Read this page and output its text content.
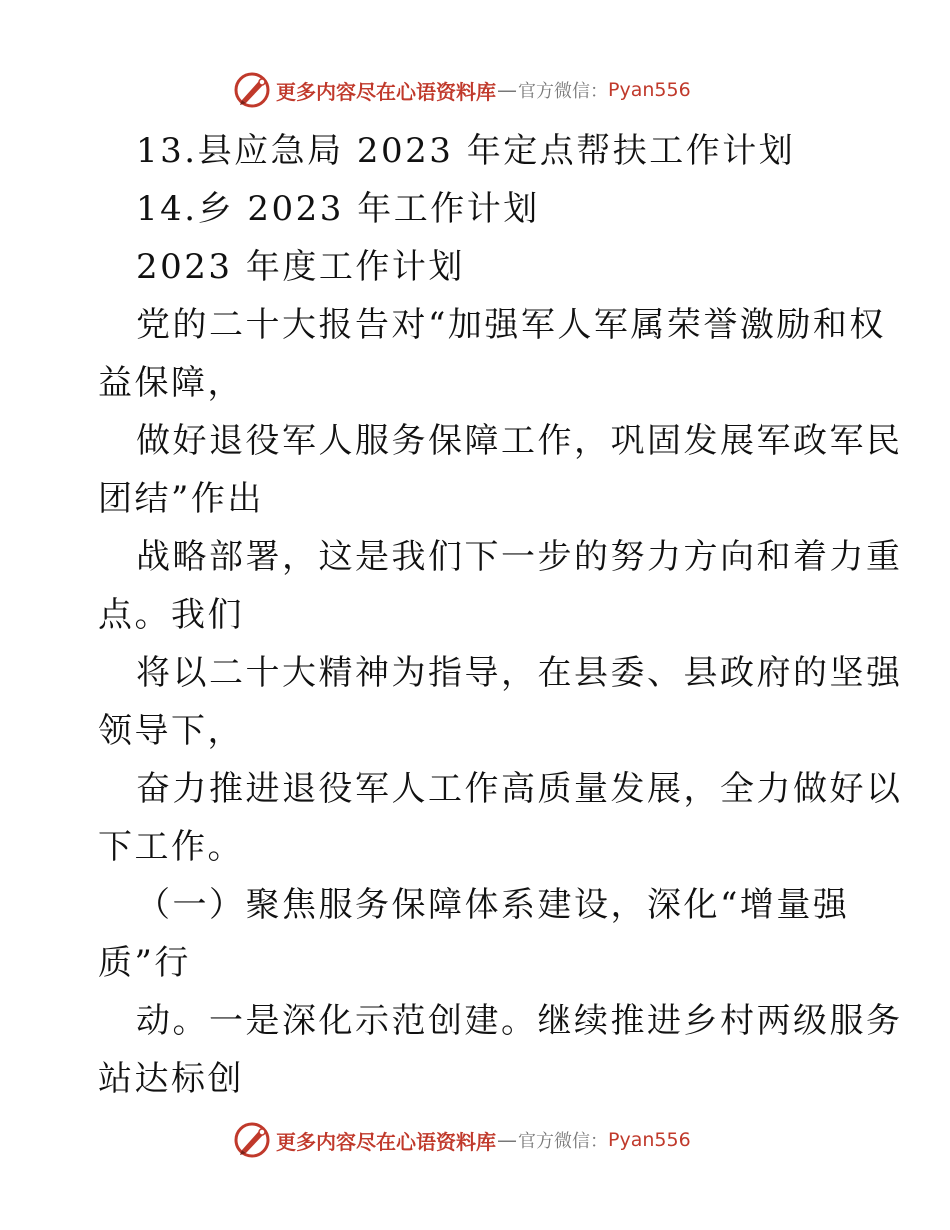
更多内容尽在心语资料库 — 官方微信： Pyan556
13.县应急局 2023 年定点帮扶工作计划
14.乡 2023 年工作计划
2023 年度工作计划
党的二十大报告对“加强军人军属荣誉激励和权
益保障，
做好退役军人服务保障工作，巩固发展军政军民
团结”作出
战略部署，这是我们下一步的努力方向和着力重
点。我们
将以二十大精神为指导，在县委、县政府的坚强
领导下，
奋力推进退役军人工作高质量发展，全力做好以
下工作。
（一）聚焦服务保障体系建设，深化“增量强
质”行
动。一是深化示范创建。继续推进乡村两级服务
站达标创
更多内容尽在心语资料库 — 官方微信： Pyan556
